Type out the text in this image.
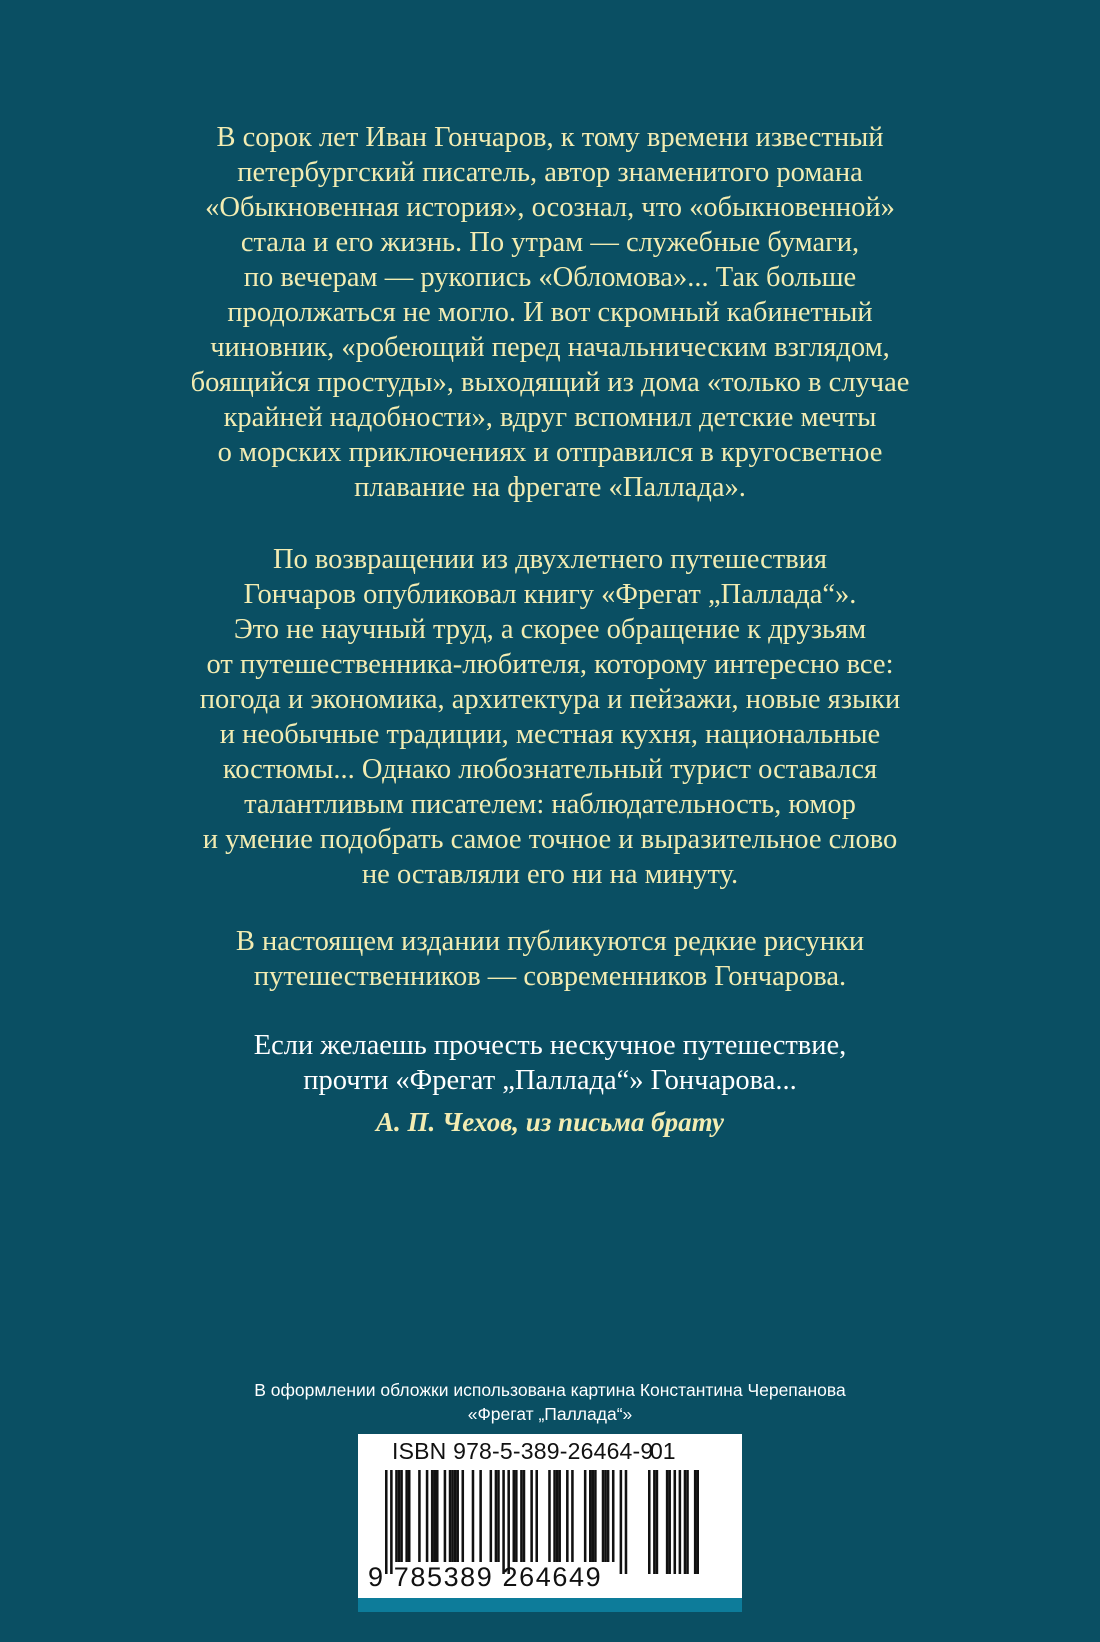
В сорок лет Иван Гончаров, к тому времени известный
петербургский писатель, автор знаменитого романа
«Обыкновенная история», осознал, что «обыкновенной»
стала и его жизнь. По утрам — служебные бумаги,
по вечерам — рукопись «Обломова»... Так больше
продолжаться не могло. И вот скромный кабинетный
чиновник, «робеющий перед начальническим взглядом,
боящийся простуды», выходящий из дома «только в случае
крайней надобности», вдруг вспомнил детские мечты
о морских приключениях и отправился в кругосветное
плавание на фрегате «Паллада».
По возвращении из двухлетнего путешествия
Гончаров опубликовал книгу «Фрегат „Паллада“».
Это не научный труд, а скорее обращение к друзьям
от путешественника-любителя, которому интересно все:
погода и экономика, архитектура и пейзажи, новые языки
и необычные традиции, местная кухня, национальные
костюмы... Однако любознательный турист оставался
талантливым писателем: наблюдательность, юмор
и умение подобрать самое точное и выразительное слово
не оставляли его ни на минуту.
В настоящем издании публикуются редкие рисунки
путешественников — современников Гончарова.
Если желаешь прочесть нескучное путешествие,
прочти «Фрегат „Паллада“» Гончарова...
А. П. Чехов, из письма брату
В оформлении обложки использована картина Константина Черепанова
«Фрегат „Паллада“»
ISBN 978-5-389-26464-9
01
9 785389 264649
